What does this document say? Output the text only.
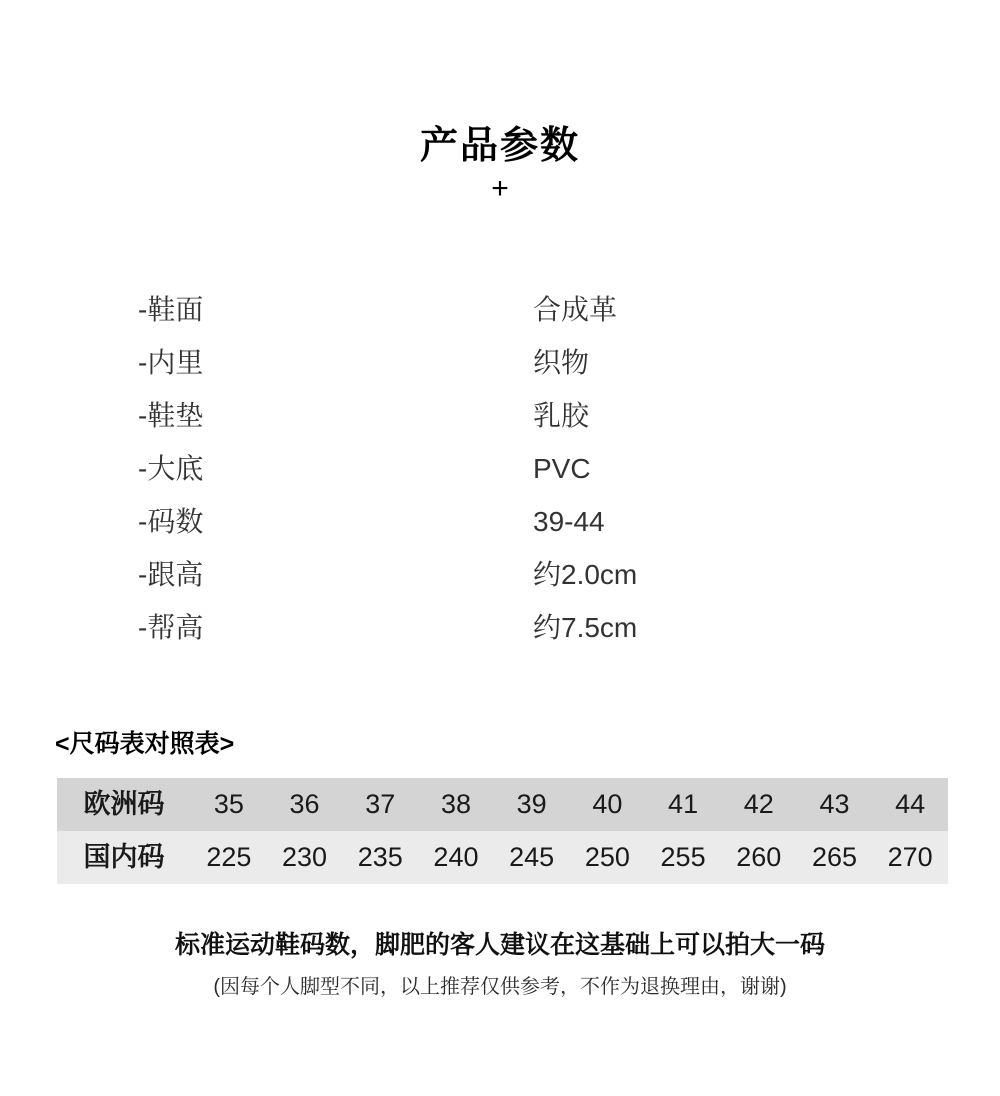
产品参数
+
-鞋面	合成革
-内里	织物
-鞋垫	乳胶
-大底	PVC
-码数	39-44
-跟高	约2.0cm
-帮高	约7.5cm
<尺码表对照表>
欧洲码	35	36	37	38	39	40	41	42	43	44
国内码	225	230	235	240	245	250	255	260	265	270

标准运动鞋码数，脚肥的客人建议在这基础上可以拍大一码

(因每个人脚型不同，以上推荐仅供参考，不作为退换理由，谢谢)
